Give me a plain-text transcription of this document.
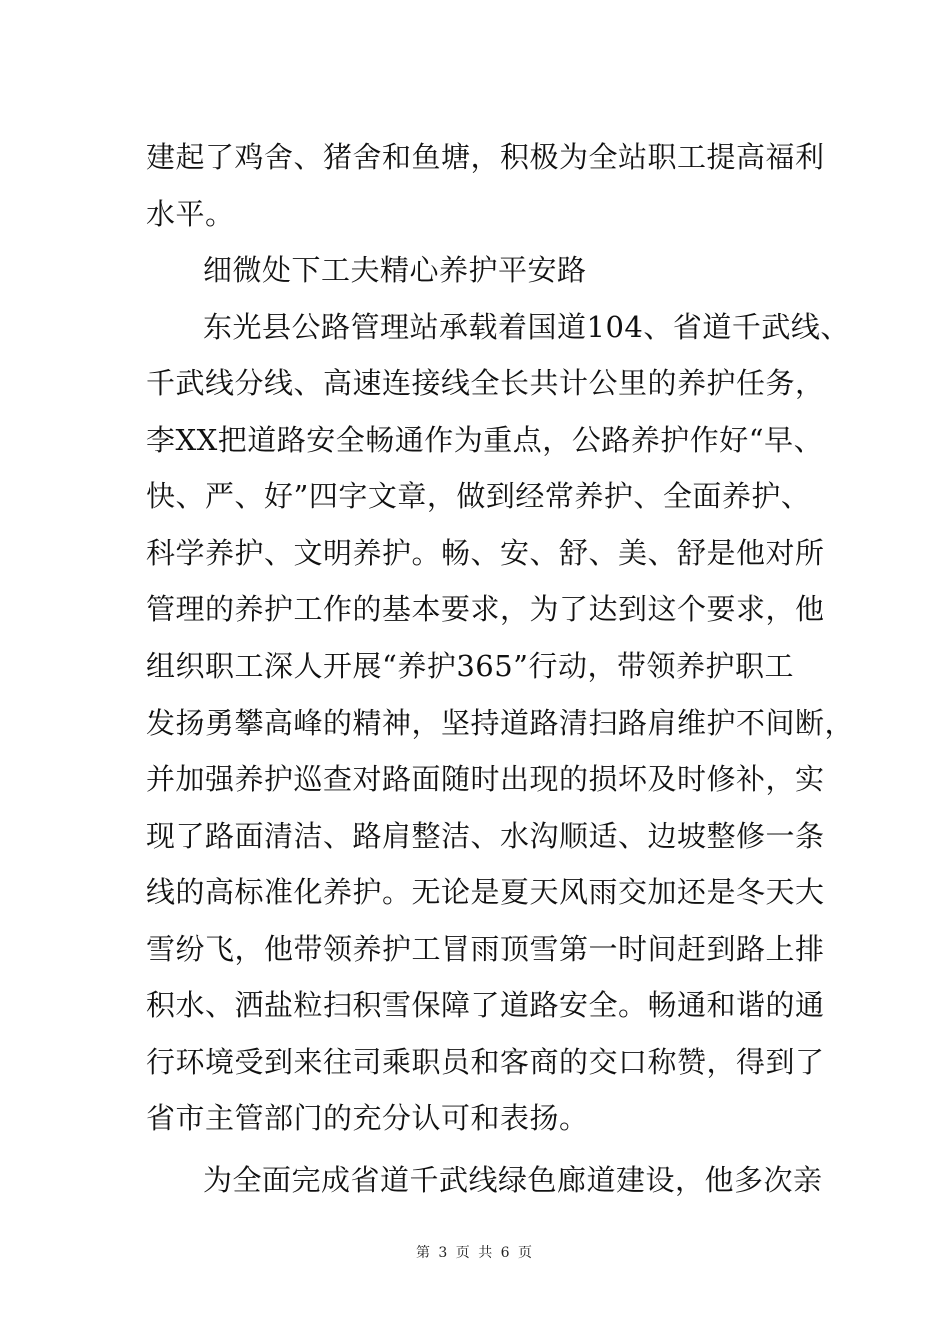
建起了鸡舍、猪舍和鱼塘，积极为全站职工提高福利
水平。
细微处下工夫精心养护平安路
东光县公路管理站承载着国道104、省道千武线、
千武线分线、高速连接线全长共计公里的养护任务，
李XX把道路安全畅通作为重点，公路养护作好“早、
快、严、好”四字文章，做到经常养护、全面养护、
科学养护、文明养护。畅、安、舒、美、舒是他对所
管理的养护工作的基本要求，为了达到这个要求，他
组织职工深人开展“养护365”行动，带领养护职工
发扬勇攀高峰的精神，坚持道路清扫路肩维护不间断，
并加强养护巡查对路面随时出现的损坏及时修补，实
现了路面清洁、路肩整洁、水沟顺适、边坡整修一条
线的高标准化养护。无论是夏天风雨交加还是冬天大
雪纷飞，他带领养护工冒雨顶雪第一时间赶到路上排
积水、洒盐粒扫积雪保障了道路安全。畅通和谐的通
行环境受到来往司乘职员和客商的交口称赞，得到了
省市主管部门的充分认可和表扬。
为全面完成省道千武线绿色廊道建设，他多次亲
第 3 页 共 6 页
